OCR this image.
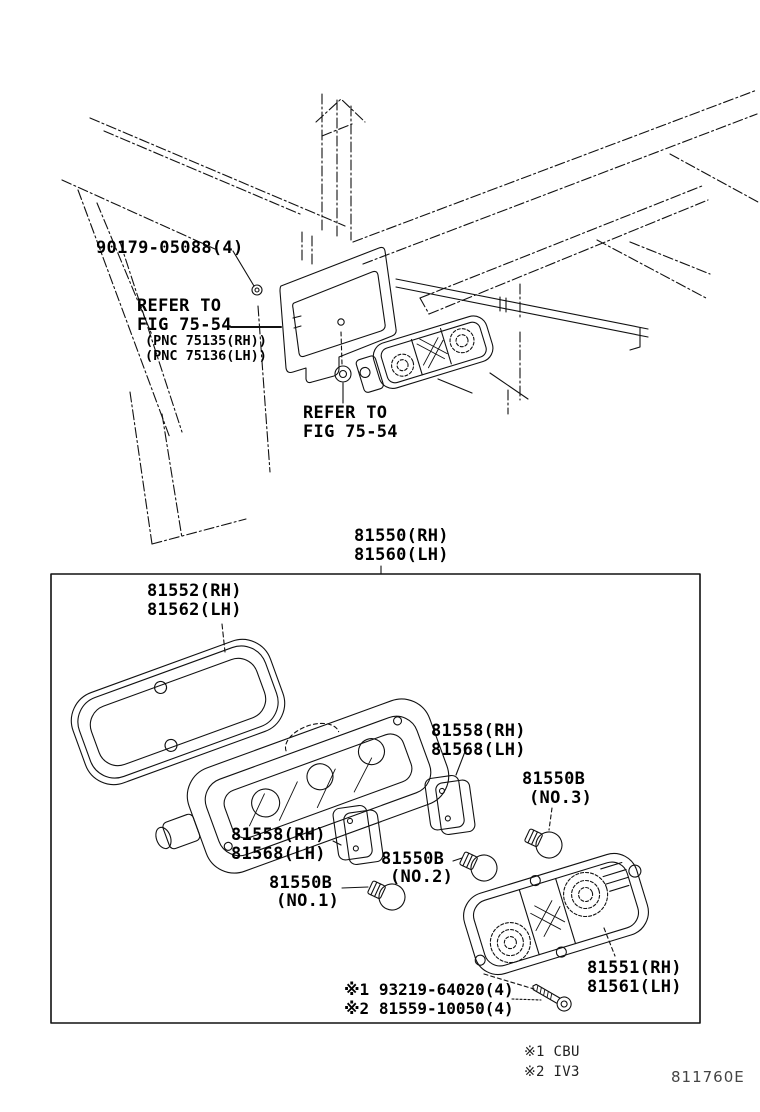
90179-05088(4)
REFER TO
FIG 75-54
(PNC 75135(RH))
(PNC 75136(LH))
REFER TO
FIG 75-54
81550(RH)
81560(LH)
81552(RH)
81562(LH)
81558(RH)
81568(LH)
81550B
(NO.3)
81558(RH)
81568(LH)	81550B
(NO.2)
81550B
(NO.1)
81551(RH)
81561(LH)
※1 93219-64020(4)
※2 81559-10050(4)
※1 CBU
※2 IV3	811760E
